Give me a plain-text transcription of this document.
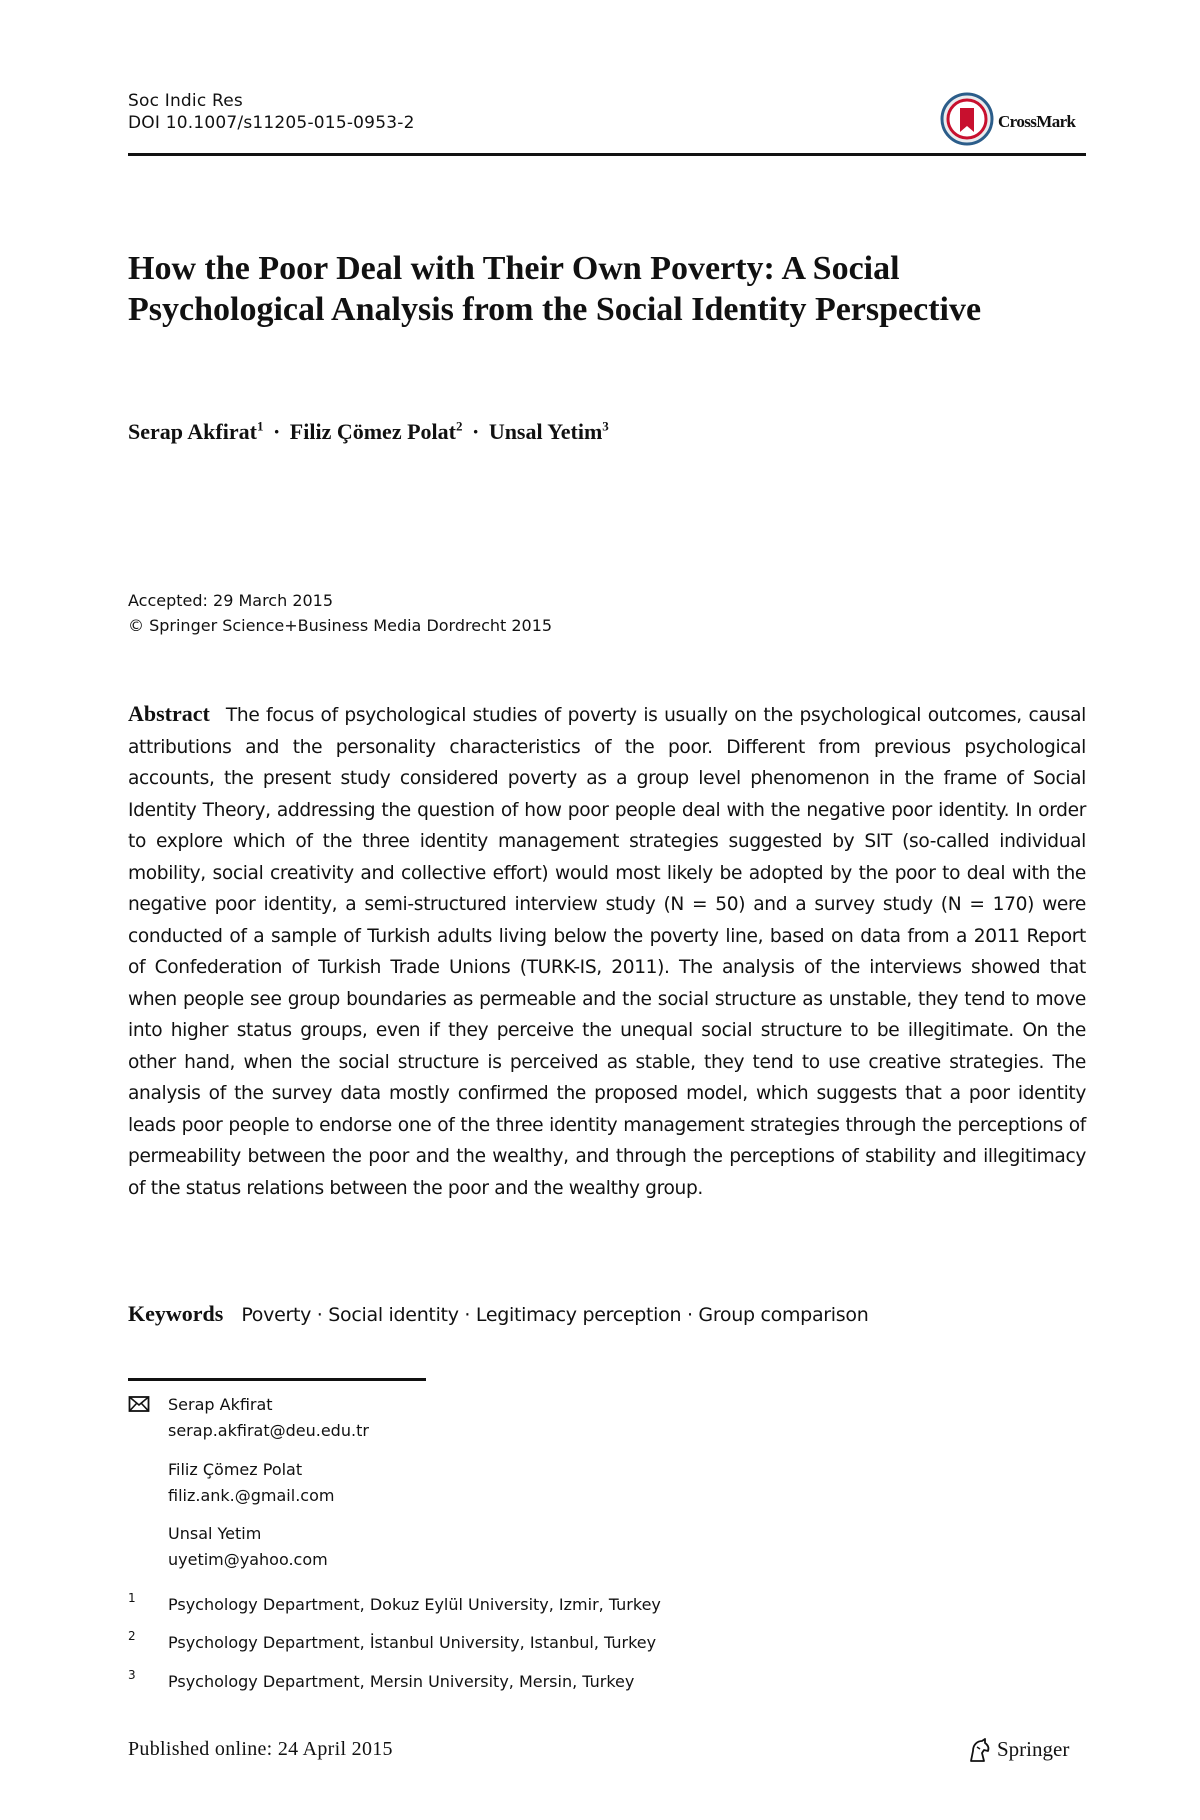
Soc Indic Res
DOI 10.1007/s11205-015-0953-2	CrossMark
How the Poor Deal with Their Own Poverty: A Social Psychological Analysis from the Social Identity Perspective
Serap Akfirat$^1$ · Filiz Çömez Polat$^2$ · Unsal Yetim$^3$
Accepted: 29 March 2015
© Springer Science+Business Media Dordrecht 2015

Abstract The focus of psychological studies of poverty is usually on the psychological outcomes, causal attributions and the personality characteristics of the poor. Different from previous psychological accounts, the present study considered poverty as a group level phenomenon in the frame of Social Identity Theory, addressing the question of how poor people deal with the negative poor identity. In order to explore which of the three identity management strategies suggested by SIT (so-called individual mobility, social creativity and collective effort) would most likely be adopted by the poor to deal with the negative poor identity, a semi-structured interview study (N = 50) and a survey study (N = 170) were conducted of a sample of Turkish adults living below the poverty line, based on data from a 2011 Report of Confederation of Turkish Trade Unions (TURK-IS, 2011). The analysis of the interviews showed that when people see group boundaries as permeable and the social structure as unstable, they tend to move into higher status groups, even if they perceive the unequal social structure to be illegitimate. On the other hand, when the social structure is perceived as stable, they tend to use creative strategies. The analysis of the survey data mostly confirmed the proposed model, which suggests that a poor identity leads poor people to endorse one of the three identity management strategies through the perceptions of permeability between the poor and the wealthy, and through the perceptions of stability and illegitimacy of the status relations between the poor and the wealthy group.

Keywords Poverty · Social identity · Legitimacy perception · Group comparison
Serap Akfirat
serap.akfirat@deu.edu.tr
Filiz Çömez Polat
filiz.ank.@gmail.com
Unsal Yetim
uyetim@yahoo.com
1 Psychology Department, Dokuz Eylül University, Izmir, Turkey
2 Psychology Department, İstanbul University, Istanbul, Turkey
3 Psychology Department, Mersin University, Mersin, Turkey
Published online: 24 April 2015	Springer
